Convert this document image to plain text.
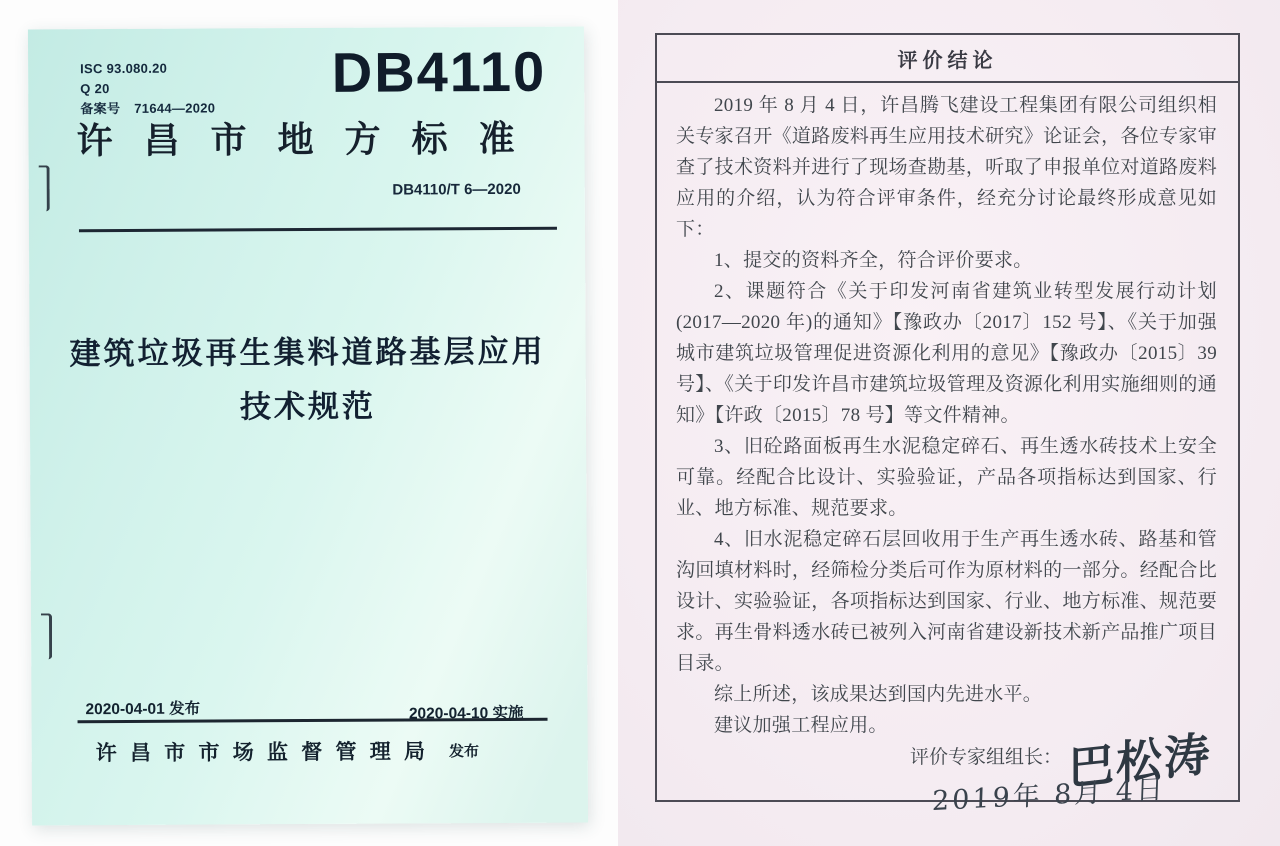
ISC 93.080.20
Q 20
备案号 71644—2020
DB4110
许 昌 市 地 方 标 准
DB4110/T 6—2020
建筑垃圾再生集料道路基层应用
技术规范
2020-04-01 发布	2020-04-10 实施
许 昌 市 市 场 监 督 管 理 局 发布
评价结论

2019 年 8 月 4 日，许昌腾飞建设工程集团有限公司组织相关专家召开《道路废料再生应用技术研究》论证会，各位专家审查了技术资料并进行了现场查勘基，听取了申报单位对道路废料应用的介绍，认为符合评审条件，经充分讨论最终形成意见如下：

1、提交的资料齐全，符合评价要求。

2、课题符合《关于印发河南省建筑业转型发展行动计划(2017—2020 年)的通知》【豫政办〔2017〕152 号】、《关于加强城市建筑垃圾管理促进资源化利用的意见》【豫政办〔2015〕39 号】、《关于印发许昌市建筑垃圾管理及资源化利用实施细则的通知》【许政〔2015〕78 号】等文件精神。

3、旧砼路面板再生水泥稳定碎石、再生透水砖技术上安全可靠。经配合比设计、实验验证，产品各项指标达到国家、行业、地方标准、规范要求。

4、旧水泥稳定碎石层回收用于生产再生透水砖、路基和管沟回填材料时，经筛检分类后可作为原材料的一部分。经配合比设计、实验验证，各项指标达到国家、行业、地方标准、规范要求。再生骨料透水砖已被列入河南省建设新技术新产品推广项目目录。

综上所述，该成果达到国内先进水平。

建议加强工程应用。

评价专家组组长： 巴松涛
2019年 8月 4日
